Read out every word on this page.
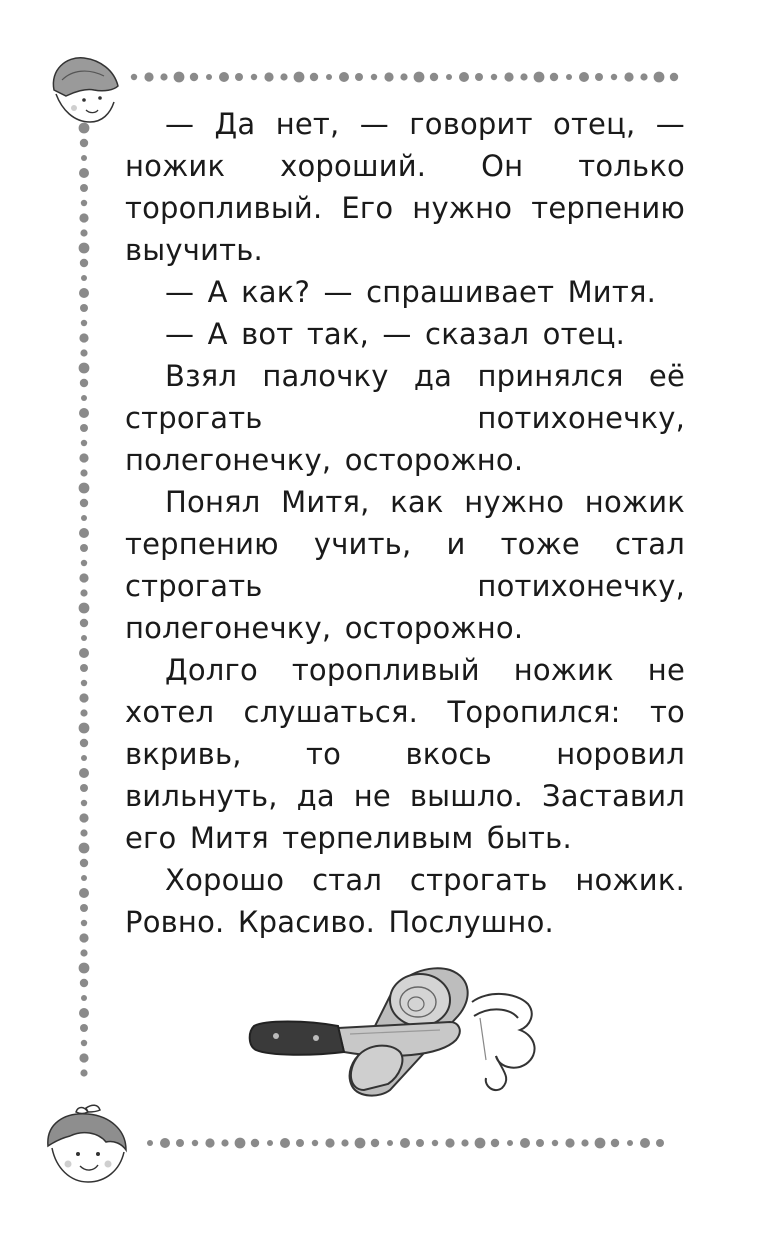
— Да нет, — говорит отец, — ножик хороший. Он только торопливый. Его нужно терпению выучить.

— А как? — спрашивает Митя.

— А вот так, — сказал отец.

Взял палочку да принялся её строгать потихонечку, полегонечку, осторожно.

Понял Митя, как нужно ножик терпению учить, и тоже стал строгать потихонечку, полегонечку, осторожно.

Долго торопливый ножик не хотел слушаться. Торопился: то вкривь, то вкось норовил вильнуть, да не вышло. Заставил его Митя терпеливым быть.

Хорошо стал строгать ножик. Ровно. Красиво. Послушно.
